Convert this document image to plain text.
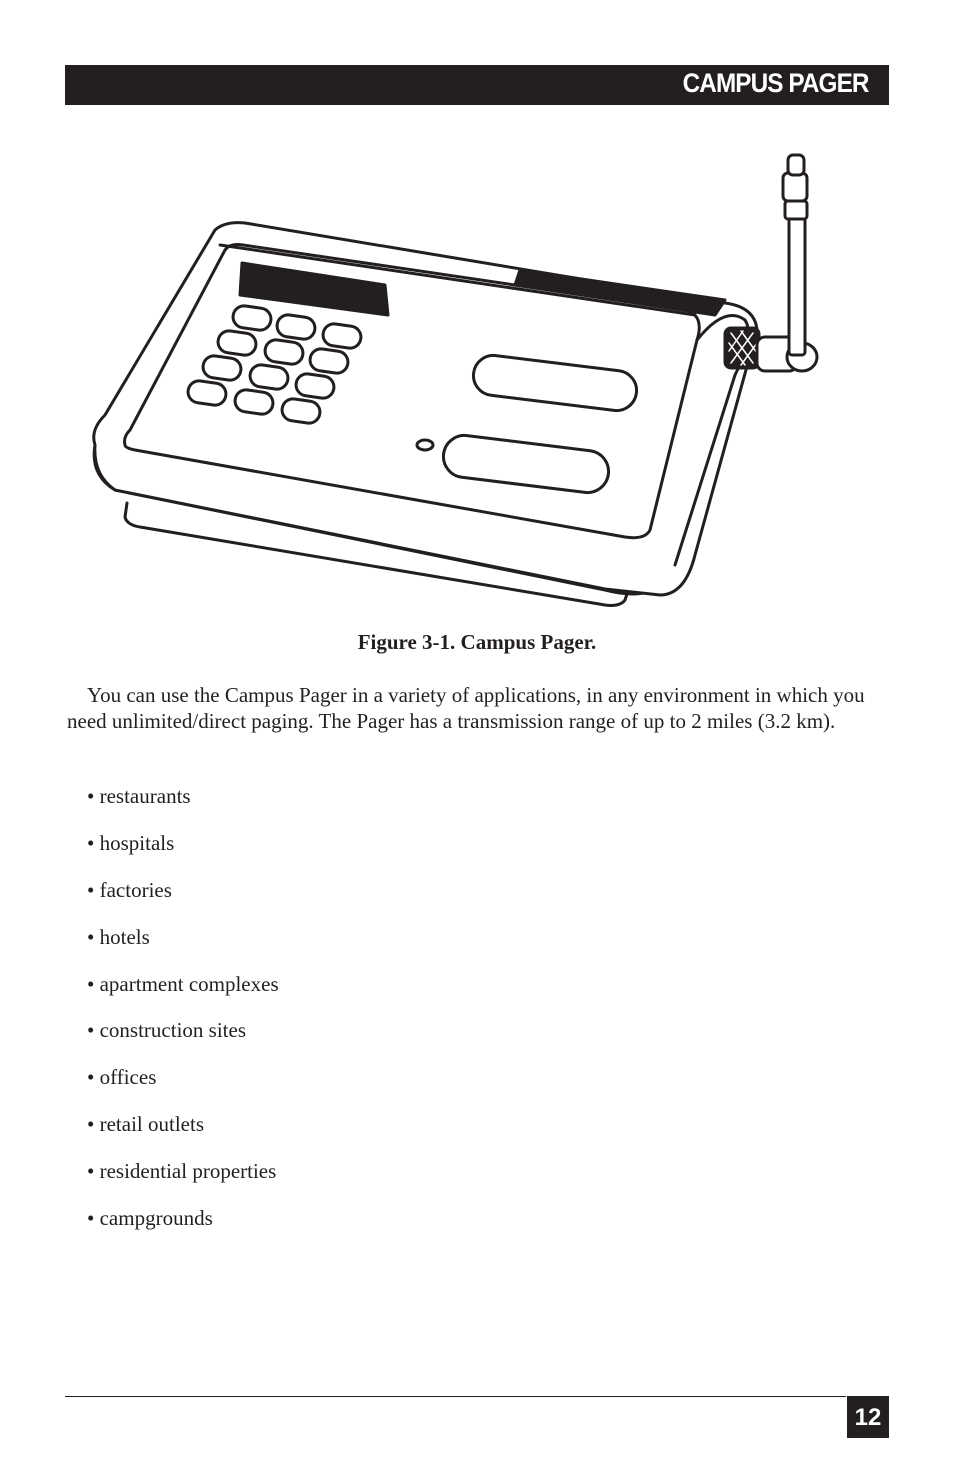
CAMPUS PAGER
Figure 3-1. Campus Pager.

You can use the Campus Pager in a variety of applications, in any environment in which you need unlimited/direct paging. The Pager has a transmission range of up to 2 miles (3.2 km).

• restaurants
• hospitals
• factories
• hotels
• apartment complexes
• construction sites
• offices
• retail outlets
• residential properties
• campgrounds
12
